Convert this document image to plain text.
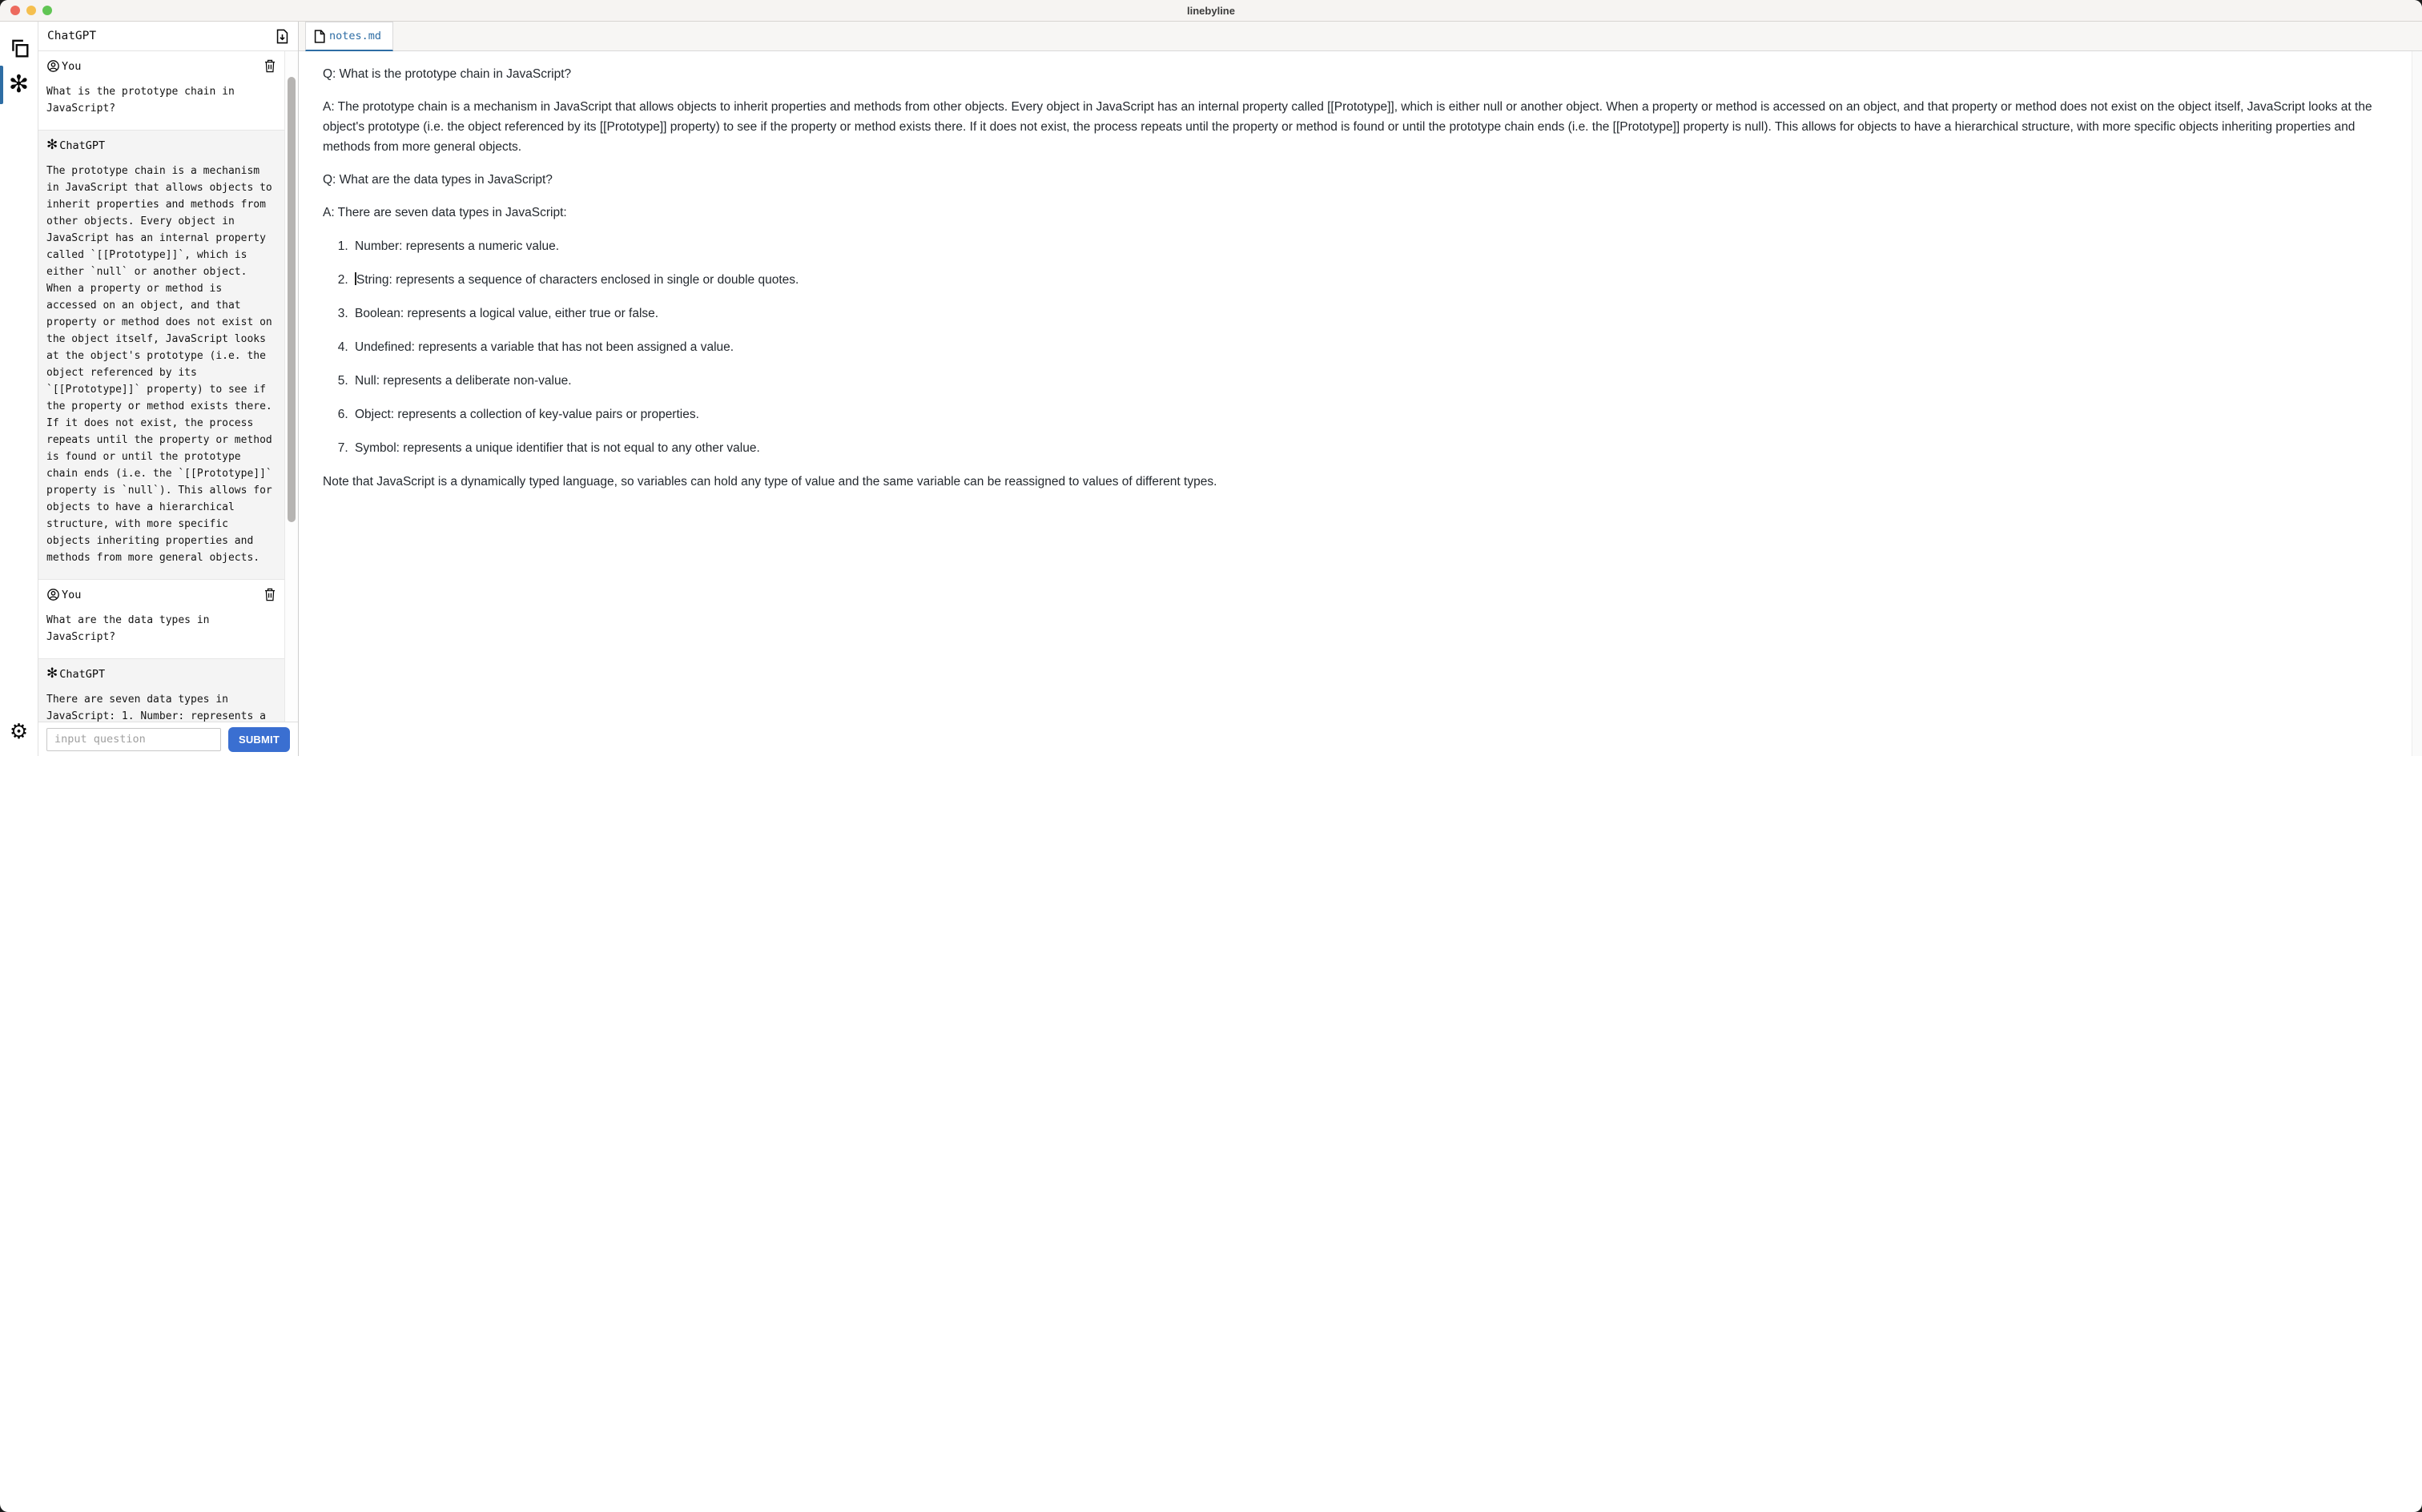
linebyline
✻
⚙
ChatGPT
You
What is the prototype chain in JavaScript?
✻ ChatGPT
The prototype chain is a mechanism in JavaScript that allows objects to inherit properties and methods from other objects. Every object in JavaScript has an internal property called `[[Prototype]]`, which is either `null` or another object. When a property or method is accessed on an object, and that property or method does not exist on the object itself, JavaScript looks at the object's prototype (i.e. the object referenced by its `[[Prototype]]` property) to see if the property or method exists there. If it does not exist, the process repeats until the property or method is found or until the prototype chain ends (i.e. the `[[Prototype]]` property is `null`). This allows for objects to have a hierarchical structure, with more specific objects inheriting properties and methods from more general objects.
You
What are the data types in JavaScript?
✻ ChatGPT
There are seven data types in JavaScript: 1. Number: represents a
input question
SUBMIT
notes.md

Q: What is the prototype chain in JavaScript?

A: The prototype chain is a mechanism in JavaScript that allows objects to inherit properties and methods from other objects. Every object in JavaScript has an internal property called [[Prototype]], which is either null or another object. When a property or method is accessed on an object, and that property or method does not exist on the object itself, JavaScript looks at the object's prototype (i.e. the object referenced by its [[Prototype]] property) to see if the property or method exists there. If it does not exist, the process repeats until the property or method is found or until the prototype chain ends (i.e. the [[Prototype]] property is null). This allows for objects to have a hierarchical structure, with more specific objects inheriting properties and methods from more general objects.

Q: What are the data types in JavaScript?

A: There are seven data types in JavaScript:

1. Number: represents a numeric value.
2. String: represents a sequence of characters enclosed in single or double quotes.
3. Boolean: represents a logical value, either true or false.
4. Undefined: represents a variable that has not been assigned a value.
5. Null: represents a deliberate non-value.
6. Object: represents a collection of key-value pairs or properties.
7. Symbol: represents a unique identifier that is not equal to any other value.

Note that JavaScript is a dynamically typed language, so variables can hold any type of value and the same variable can be reassigned to values of different types.
